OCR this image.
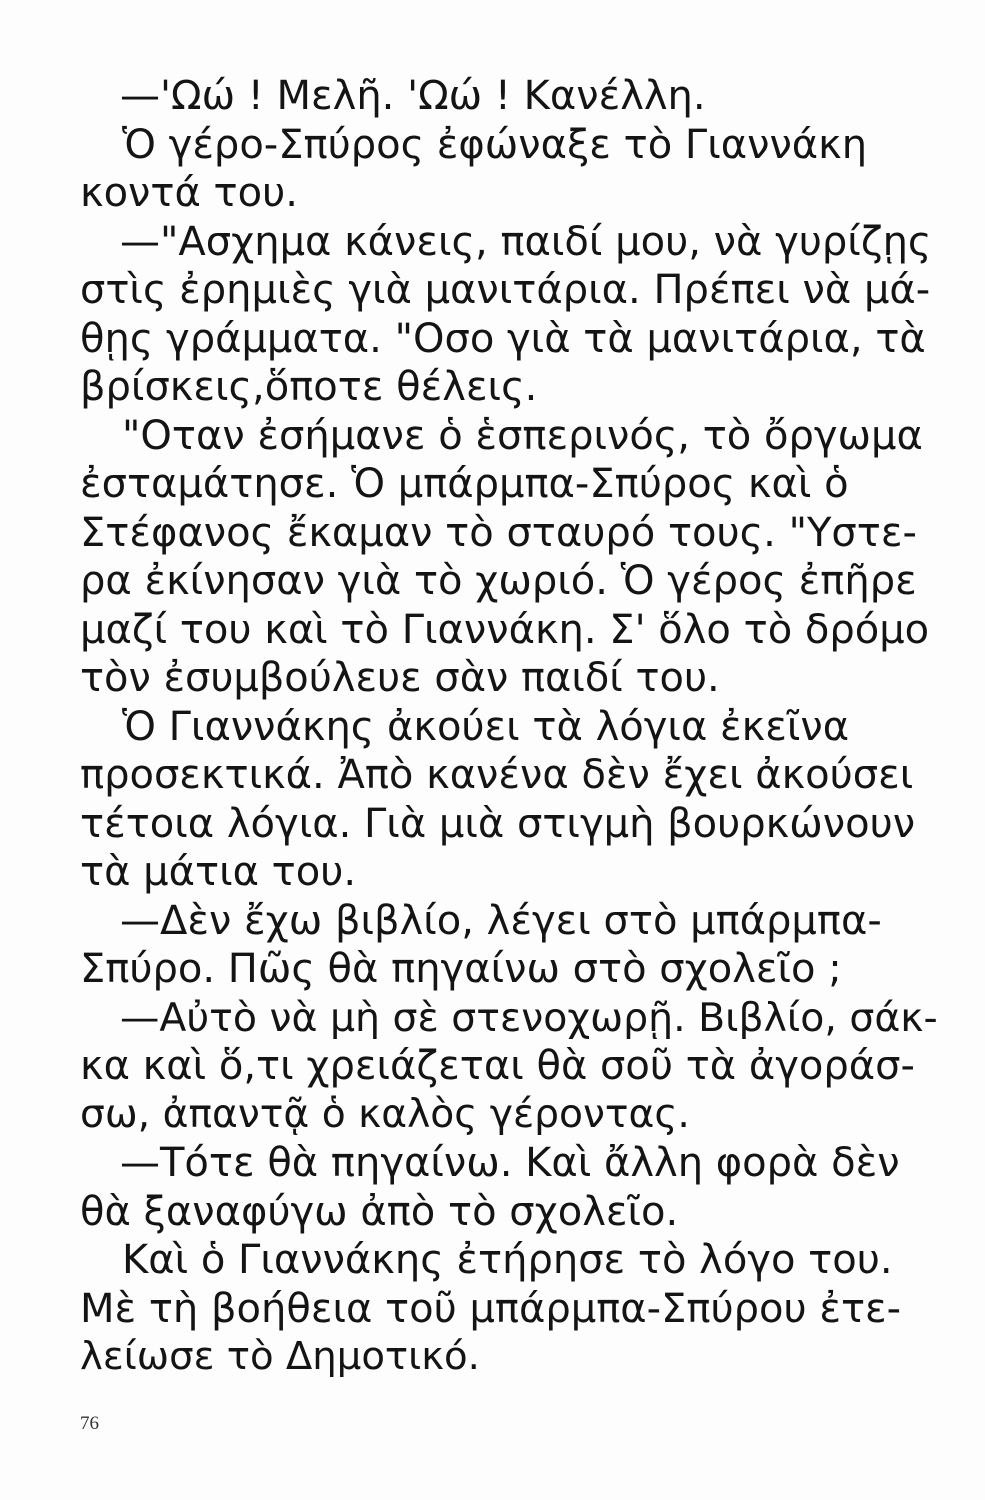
—'Ωώ ! Μελῆ. 'Ωώ ! Κανέλλη.
Ὁ γέρο-Σπύρος ἐφώναξε τὸ Γιαννάκη
κοντά του.
—"Ασχημα κάνεις, παιδί μου, νὰ γυρίζῃς
στὶς ἐρημιὲς γιὰ μανιτάρια. Πρέπει νὰ μά-
θῃς γράμματα. "Οσο γιὰ τὰ μανιτάρια, τὰ
βρίσκεις,ὅποτε θέλεις.
"Οταν ἐσήμανε ὁ ἑσπερινός, τὸ ὄργωμα
ἐσταμάτησε. Ὁ μπάρμπα-Σπύρος καὶ ὁ
Στέφανος ἔκαμαν τὸ σταυρό τους. "Υστε-
ρα ἐκίνησαν γιὰ τὸ χωριό. Ὁ γέρος ἐπῆρε
μαζί του καὶ τὸ Γιαννάκη. Σ' ὅλο τὸ δρόμο
τὸν ἐσυμβούλευε σὰν παιδί του.
Ὁ Γιαννάκης ἀκούει τὰ λόγια ἐκεῖνα
προσεκτικά. Ἀπὸ κανένα δὲν ἔχει ἀκούσει
τέτοια λόγια. Γιὰ μιὰ στιγμὴ βουρκώνουν
τὰ μάτια του.
—Δὲν ἔχω βιβλίο, λέγει στὸ μπάρμπα-
Σπύρο. Πῶς θὰ πηγαίνω στὸ σχολεῖο ;
—Αὐτὸ νὰ μὴ σὲ στενοχωρῇ. Βιβλίο, σάκ-
κα καὶ ὅ,τι χρειάζεται θὰ σοῦ τὰ ἀγοράσ-
σω, ἀπαντᾷ ὁ καλὸς γέροντας.
—Τότε θὰ πηγαίνω. Καὶ ἄλλη φορὰ δὲν
θὰ ξαναφύγω ἀπὸ τὸ σχολεῖο.
Καὶ ὁ Γιαννάκης ἐτήρησε τὸ λόγο του.
Μὲ τὴ βοήθεια τοῦ μπάρμπα-Σπύρου ἐτε-
λείωσε τὸ Δημοτικό.
76
